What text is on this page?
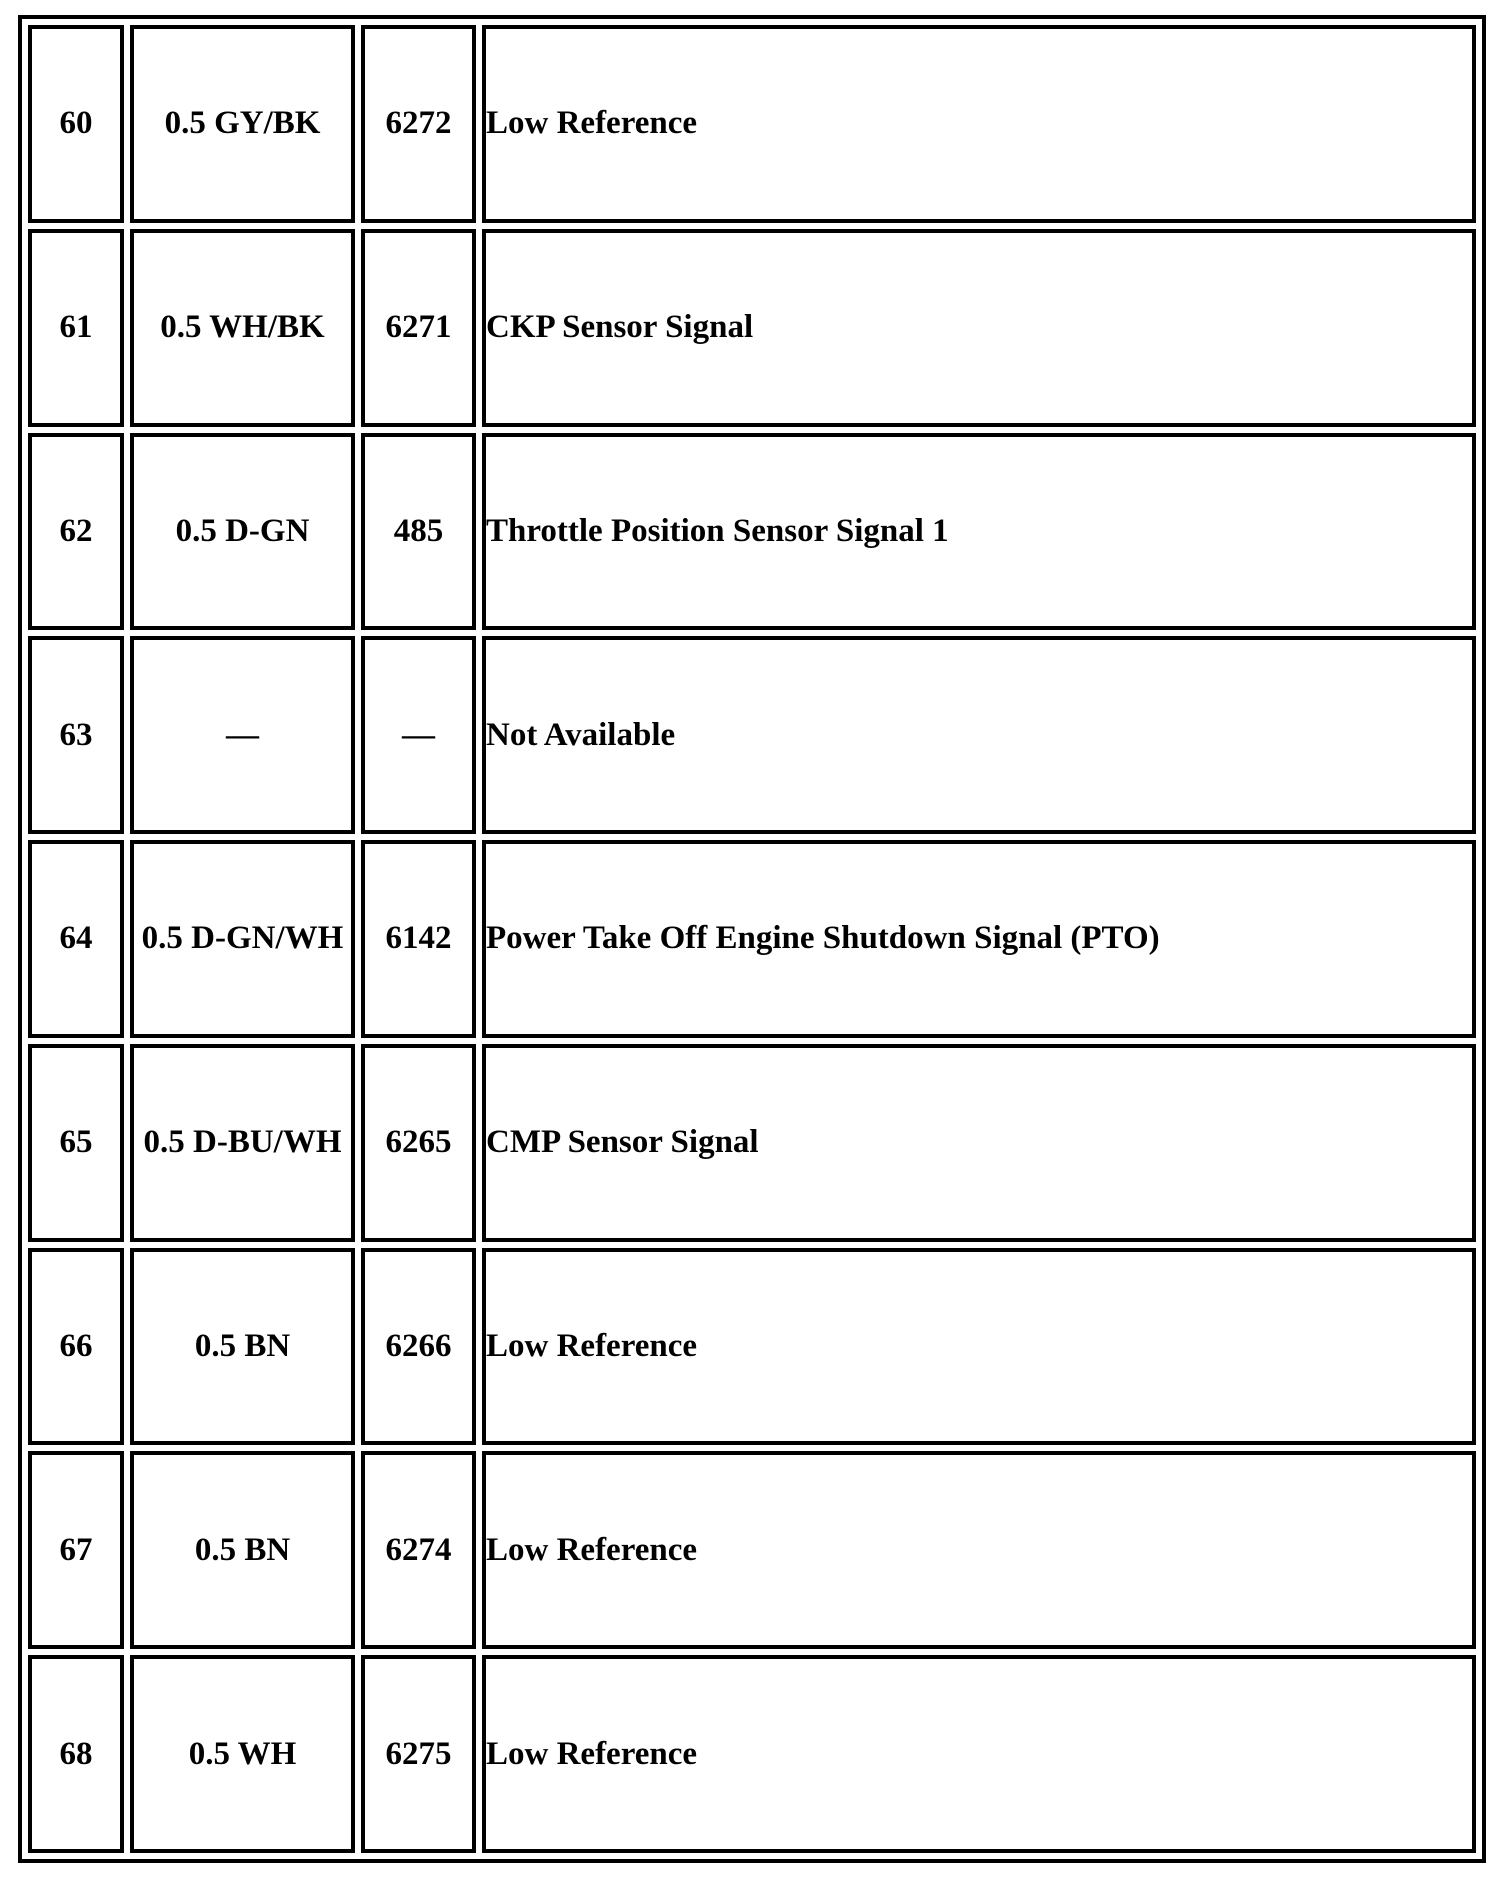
60	0.5 GY/BK	6272	Low Reference
61	0.5 WH/BK	6271	CKP Sensor Signal
62	0.5 D-GN	485	Throttle Position Sensor Signal 1
63	—	—	Not Available
64	0.5 D-GN/WH	6142	Power Take Off Engine Shutdown Signal (PTO)
65	0.5 D-BU/WH	6265	CMP Sensor Signal
66	0.5 BN	6266	Low Reference
67	0.5 BN	6274	Low Reference
68	0.5 WH	6275	Low Reference
